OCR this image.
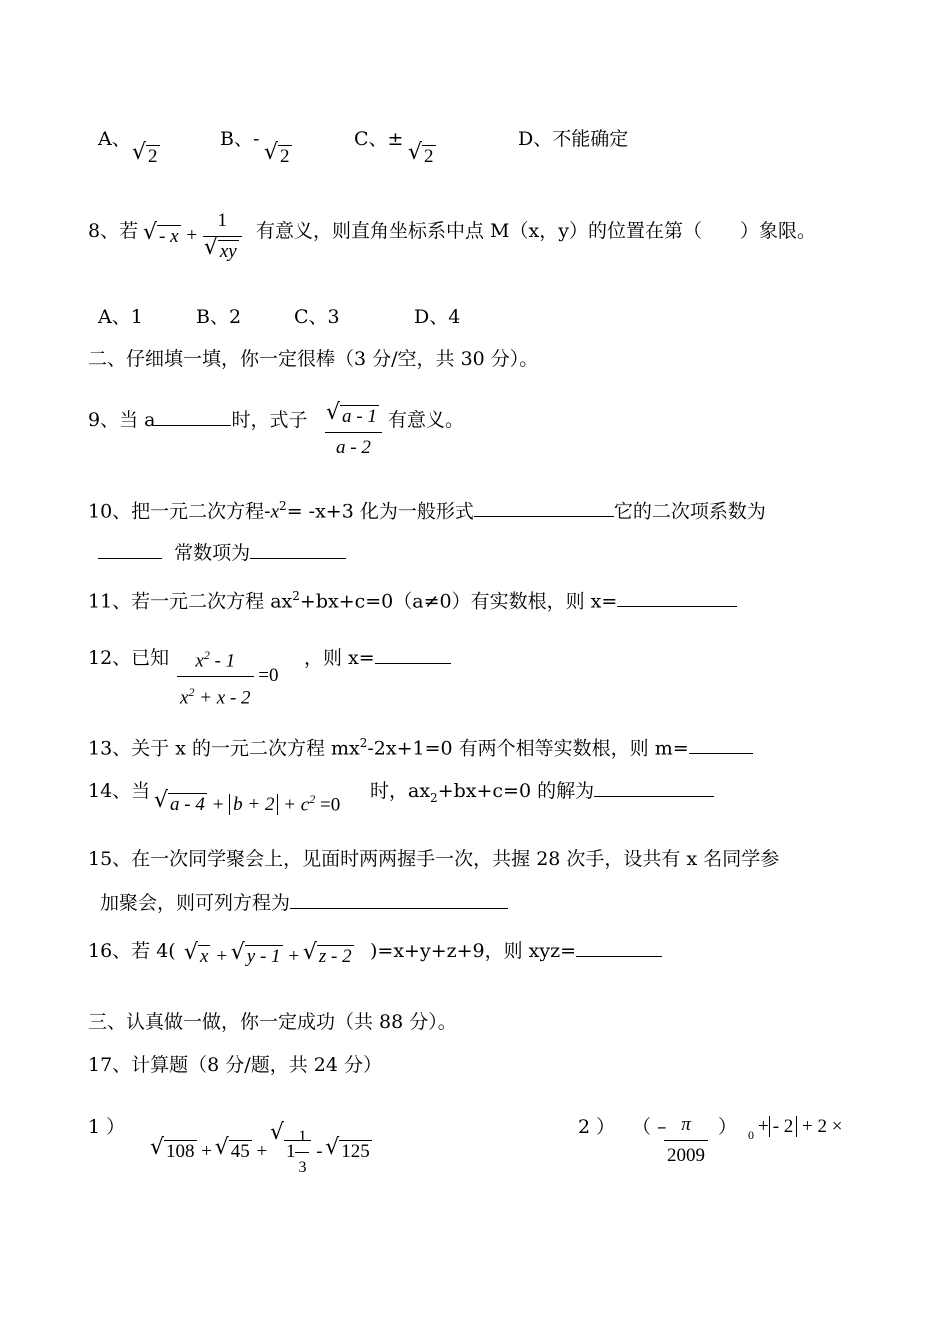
A、
√ 2
B、-
√ 2
C、±
√ 2
D、不能确定
8、若	√ - x + 1
√ xy 有意义，则直角坐标系中点 M（x，y）的位置在第（　　）象限。
A、1	B、2	C、3	D、4
二、仔细填一填，你一定很棒（3 分/空，共 30 分）。
9、当 a	时，式子 √ $\frac{a - 1}{a - 2}$ 有意义。
10、把一元二次方程$-x^2= -x+3$ 化为一般形式	它的二次项系数为
常数项为
11、若一元二次方程 $ax^2+bx+c=0(a\ne 0)$有实数根，则 x=
12、已知 $\frac{x^2 - 1}{x^2 + x - 2} =0$
，则 x=
13、关于 x 的一元二次方程 $mx^2-2x+1=0$ 有两个相等实数根，则 m=
14、当
√ $a - 4 + b + 2 + c^2 =0$
时，$ax_2+bx+c=0$ 的解为
15、在一次同学聚会上，见面时两两握手一次，共握 28 次手，设共有 x 名同学参
加聚会，则可列方程为
16、若 4(	√ x + √ y - 1 + √ z - 2 )=x+y+z+9，则 xyz=
三、认真做一做，你一定成功（共 88 分）。
17、计算题（8 分/题，共 24 分）
1 ）
√ 108 + √ 45 + √ $1 \frac{1}{3}$ - √ 125
2 ） （ –
$\frac{\pi}{2009}$ ） 0 + - 2 + 2 ×
